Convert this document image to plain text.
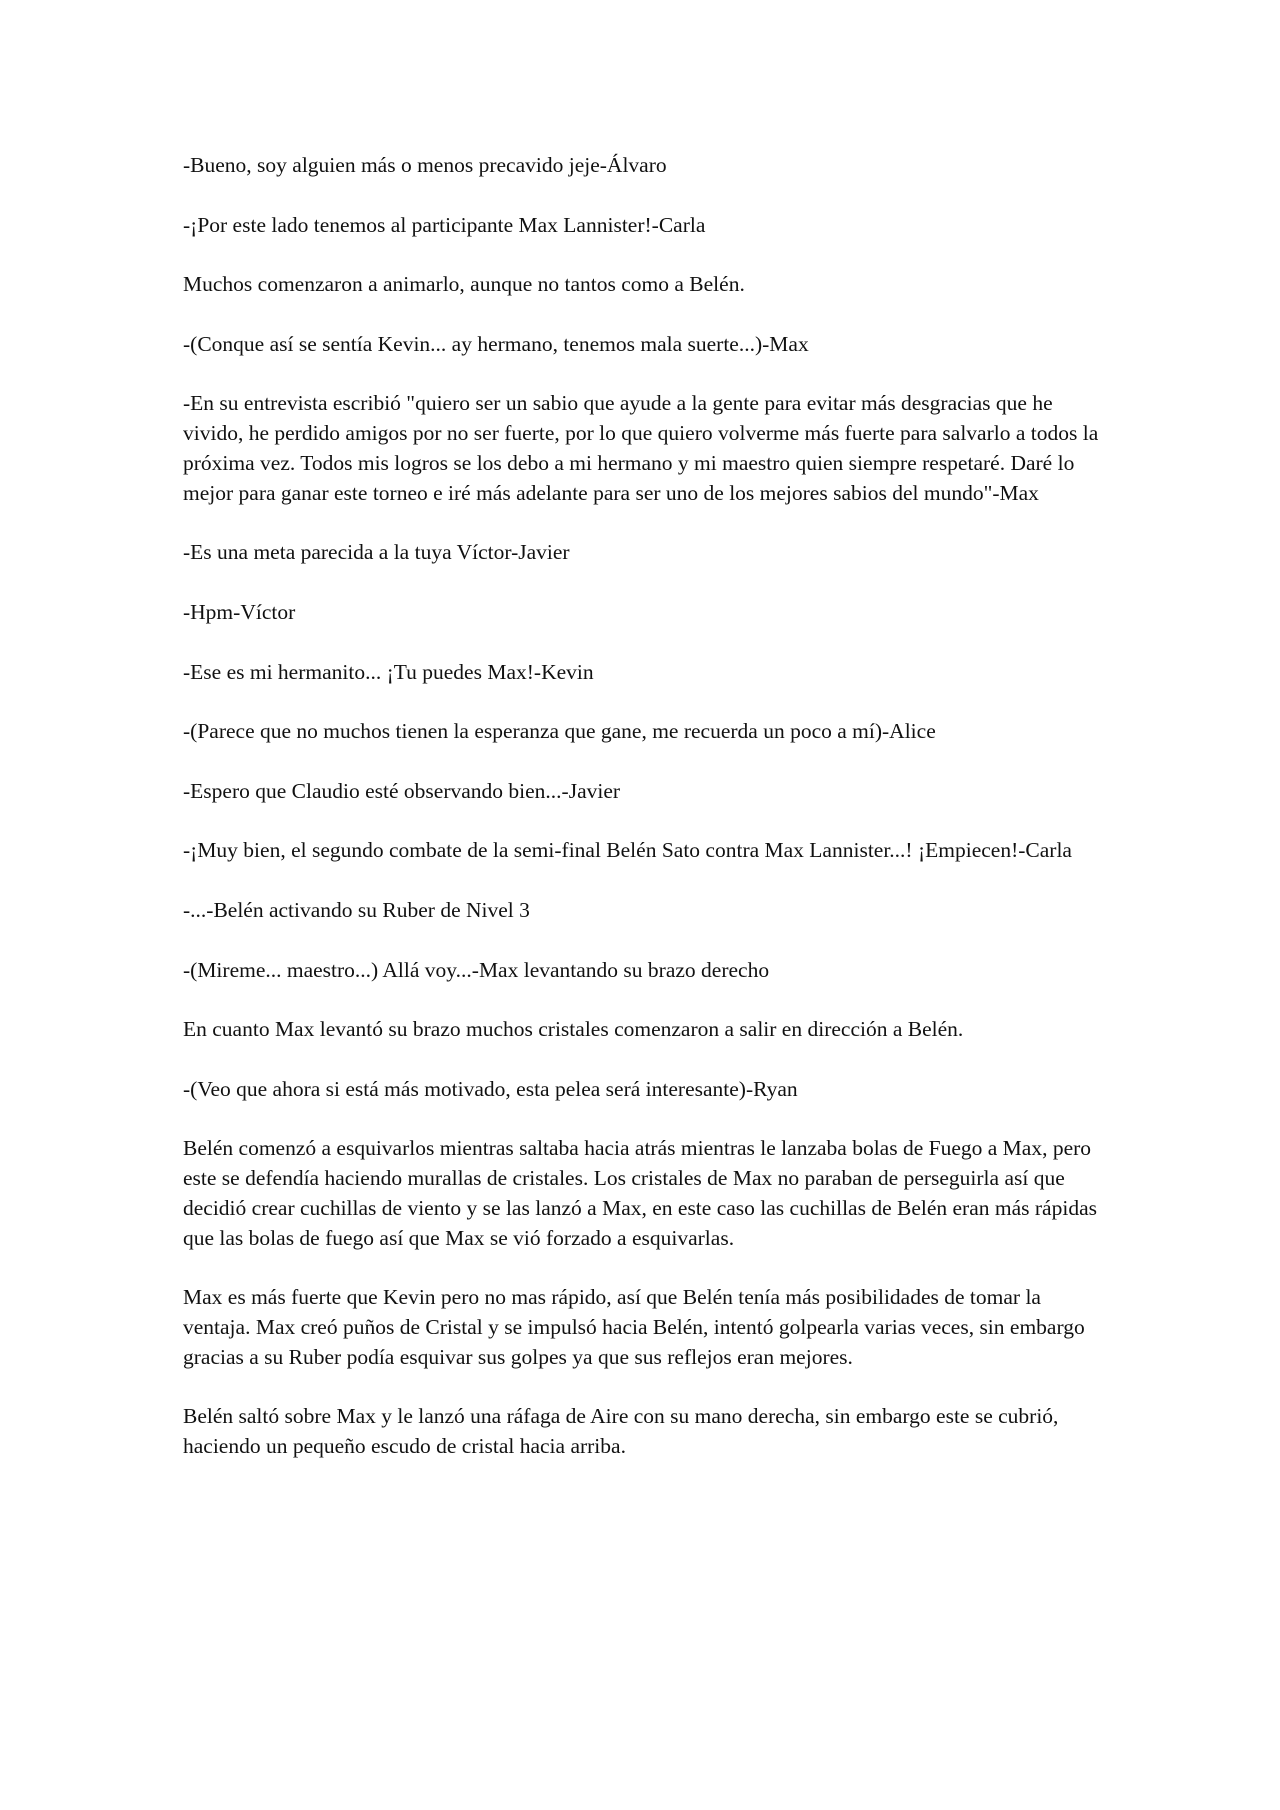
-Bueno, soy alguien más o menos precavido jeje-Álvaro

-¡Por este lado tenemos al participante Max Lannister!-Carla

Muchos comenzaron a animarlo, aunque no tantos como a Belén.

-(Conque así se sentía Kevin... ay hermano, tenemos mala suerte...)-Max

-En su entrevista escribió "quiero ser un sabio que ayude a la gente para evitar más desgracias que he vivido, he perdido amigos por no ser fuerte, por lo que quiero volverme más fuerte para salvarlo a todos la próxima vez. Todos mis logros se los debo a mi hermano y mi maestro quien siempre respetaré. Daré lo mejor para ganar este torneo e iré más adelante para ser uno de los mejores sabios del mundo"-Max

-Es una meta parecida a la tuya Víctor-Javier

-Hpm-Víctor

-Ese es mi hermanito... ¡Tu puedes Max!-Kevin

-(Parece que no muchos tienen la esperanza que gane, me recuerda un poco a mí)-Alice

-Espero que Claudio esté observando bien...-Javier

-¡Muy bien, el segundo combate de la semi-final Belén Sato contra Max Lannister...! ¡Empiecen!-Carla

-...-Belén activando su Ruber de Nivel 3

-(Mireme... maestro...) Allá voy...-Max levantando su brazo derecho

En cuanto Max levantó su brazo muchos cristales comenzaron a salir en dirección a Belén.

-(Veo que ahora si está más motivado, esta pelea será interesante)-Ryan

Belén comenzó a esquivarlos mientras saltaba hacia atrás mientras le lanzaba bolas de Fuego a Max, pero este se defendía haciendo murallas de cristales. Los cristales de Max no paraban de perseguirla así que decidió crear cuchillas de viento y se las lanzó a Max, en este caso las cuchillas de Belén eran más rápidas que las bolas de fuego así que Max se vió forzado a esquivarlas.

Max es más fuerte que Kevin pero no mas rápido, así que Belén tenía más posibilidades de tomar la ventaja. Max creó puños de Cristal y se impulsó hacia Belén, intentó golpearla varias veces, sin embargo gracias a su Ruber podía esquivar sus golpes ya que sus reflejos eran mejores.

Belén saltó sobre Max y le lanzó una ráfaga de Aire con su mano derecha, sin embargo este se cubrió, haciendo un pequeño escudo de cristal hacia arriba.
